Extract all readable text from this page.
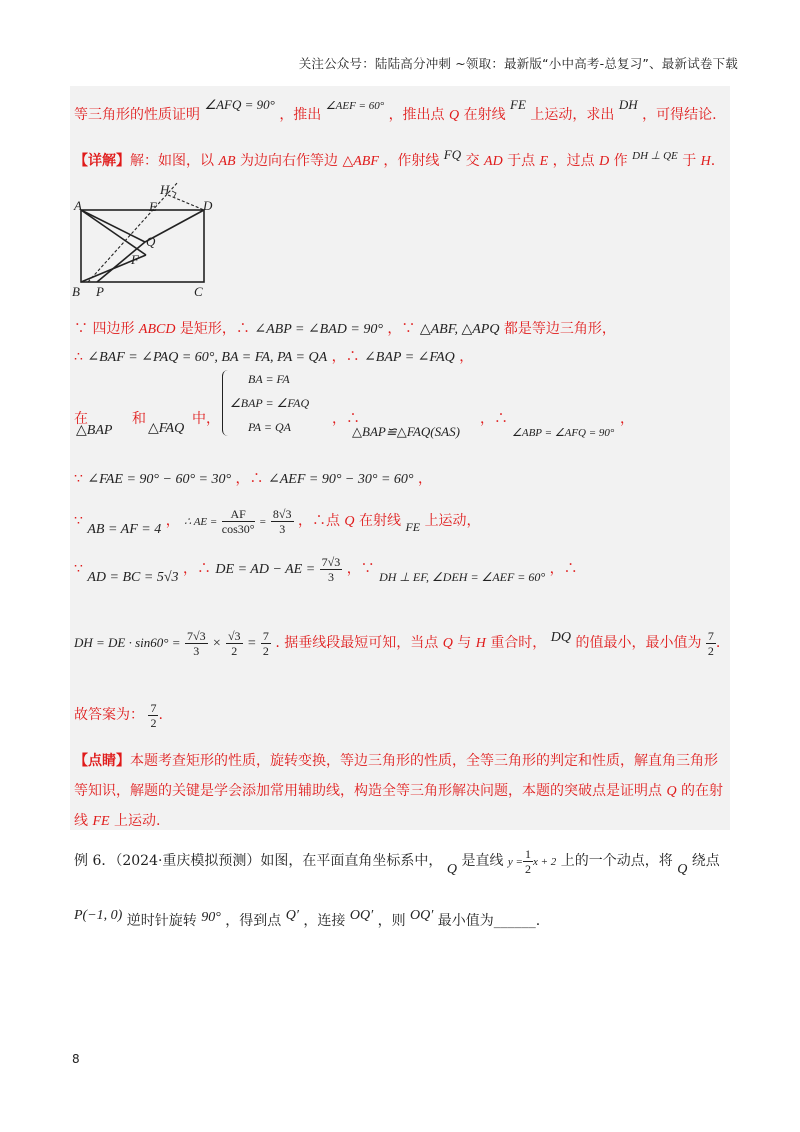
关注公众号：陆陆高分冲刺 ~领取：最新版“小中高考-总复习”、最新试卷下载
等三角形的性质证明 ∠AFQ = 90° ，推出 $^{\angle AEF = 60^\circ}$ ，推出点 Q 在射线 FE 上运动，求出 DH ，可得结论.
【详解】解：如图，以 AB 为边向右作等边 △ABF ，作射线 FQ 交 AD 于点 E ，过点 D 作 $^{DH \perp QE}$ 于 H.
A
B	C
D
E
F
H
P
Q
∵ 四边形 ABCD 是矩形，∴ ∠ABP = ∠BAD = 90° ，∵ △ABF, △APQ 都是等边三角形，
∴ ∠BAF = ∠PAQ = 60°, BA = FA, PA = QA ，∴ ∠BAP = ∠FAQ ，
在
△BAP
和
△FAQ
中，
BA = FA
∠BAP = ∠FAQ
PA = QA	，∴
△BAP≌△FAQ(SAS)
，∴
∠ABP = ∠AFQ = 90°
，
∵ ∠FAE = 90° − 60° = 30° ，∴ ∠AEF = 90° − 30° = 60° ，
∵ AB = AF = 4 ， ∴ AE = $\frac{AF}{\cos 30^\circ} = \frac{8√3}{3}$ ，∴点 Q 在射线 FE 上运动，
∵ AD = BC = 5√3 ，∴ DE = AD − AE = $\frac{7√3}{3}$ ，∵ DH ⊥ EF, ∠DEH = ∠AEF = 60° ，∴
DH = DE · $\sin 60^\circ = \frac{7√3}{3} \times \frac{√3}{2} = \frac{7}{2}$ . 据垂线段最短可知，当点 Q 与 H 重合时， DQ 的值最小，最小值为 $\frac{7}{2}$ .
故答案为： $\frac{7}{2}$ .
【点睛】本题考查矩形的性质，旋转变换，等边三角形的性质，全等三角形的判定和性质，解直角三角形
等知识，解题的关键是学会添加常用辅助线，构造全等三角形解决问题，本题的突破点是证明点 Q 的在射
线 FE 上运动.
例 6．（2024·重庆模拟预测）如图，在平面直角坐标系中， Q 是直线 $y = \frac{1}{2}$ x + 2 上的一个动点，将 Q 绕点
P(−1, 0) 逆时针旋转 90° ，得到点 Q′ ，连接 OQ′ ，则 OQ′ 最小值为______.
8
